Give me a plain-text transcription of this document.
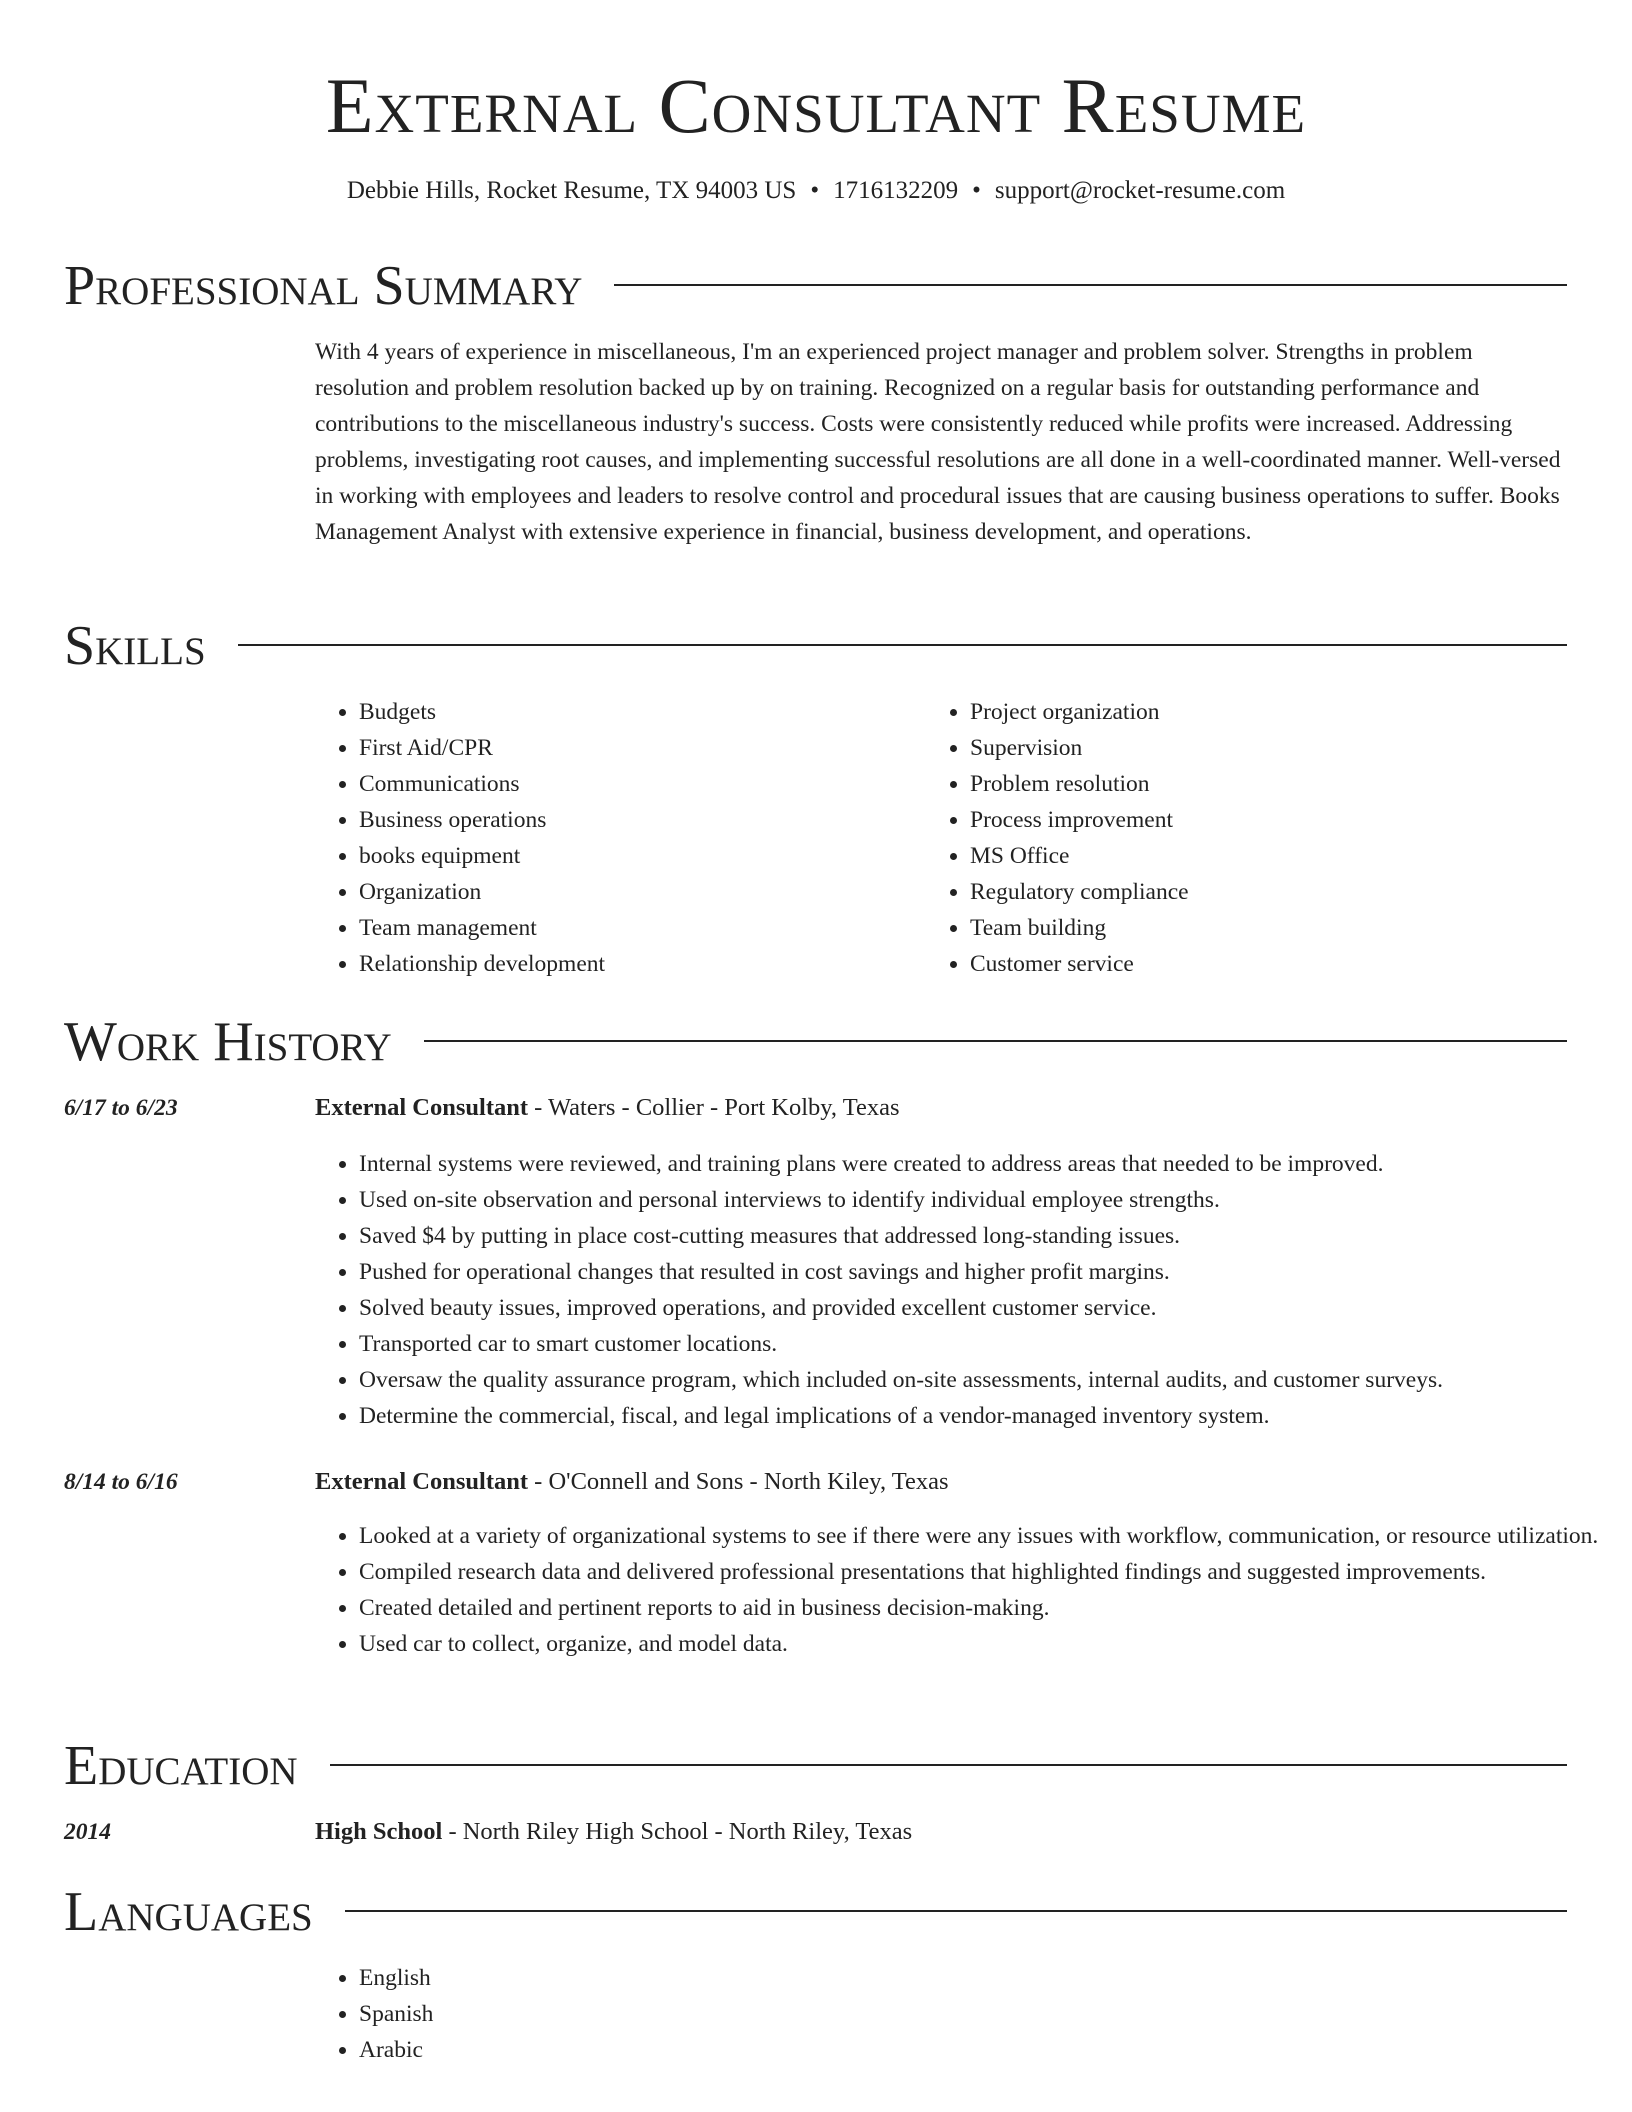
External Consultant Resume
Debbie Hills, Rocket Resume, TX 94003 US • 1716132209 • support@rocket-resume.com
Professional Summary

With 4 years of experience in miscellaneous, I'm an experienced project manager and problem solver. Strengths in problem resolution and problem resolution backed up by on training. Recognized on a regular basis for outstanding performance and contributions to the miscellaneous industry's success. Costs were consistently reduced while profits were increased. Addressing problems, investigating root causes, and implementing successful resolutions are all done in a well-coordinated manner. Well-versed in working with employees and leaders to resolve control and procedural issues that are causing business operations to suffer. Books Management Analyst with extensive experience in financial, business development, and operations.

Skills
• Budgets
• First Aid/CPR
• Communications
• Business operations
• books equipment
• Organization
• Team management
• Relationship development
• Project organization
• Supervision
• Problem resolution
• Process improvement
• MS Office
• Regulatory compliance
• Team building
• Customer service
Work History
6/17 to 6/23	External Consultant - Waters - Collier - Port Kolby, Texas
• Internal systems were reviewed, and training plans were created to address areas that needed to be improved.
• Used on-site observation and personal interviews to identify individual employee strengths.
• Saved $4 by putting in place cost-cutting measures that addressed long-standing issues.
• Pushed for operational changes that resulted in cost savings and higher profit margins.
• Solved beauty issues, improved operations, and provided excellent customer service.
• Transported car to smart customer locations.
• Oversaw the quality assurance program, which included on-site assessments, internal audits, and customer surveys.
• Determine the commercial, fiscal, and legal implications of a vendor-managed inventory system.
8/14 to 6/16	External Consultant - O'Connell and Sons - North Kiley, Texas
• Looked at a variety of organizational systems to see if there were any issues with workflow, communication, or resource utilization.
• Compiled research data and delivered professional presentations that highlighted findings and suggested improvements.
• Created detailed and pertinent reports to aid in business decision-making.
• Used car to collect, organize, and model data.
Education
2014	High School - North Riley High School - North Riley, Texas
Languages
• English
• Spanish
• Arabic
